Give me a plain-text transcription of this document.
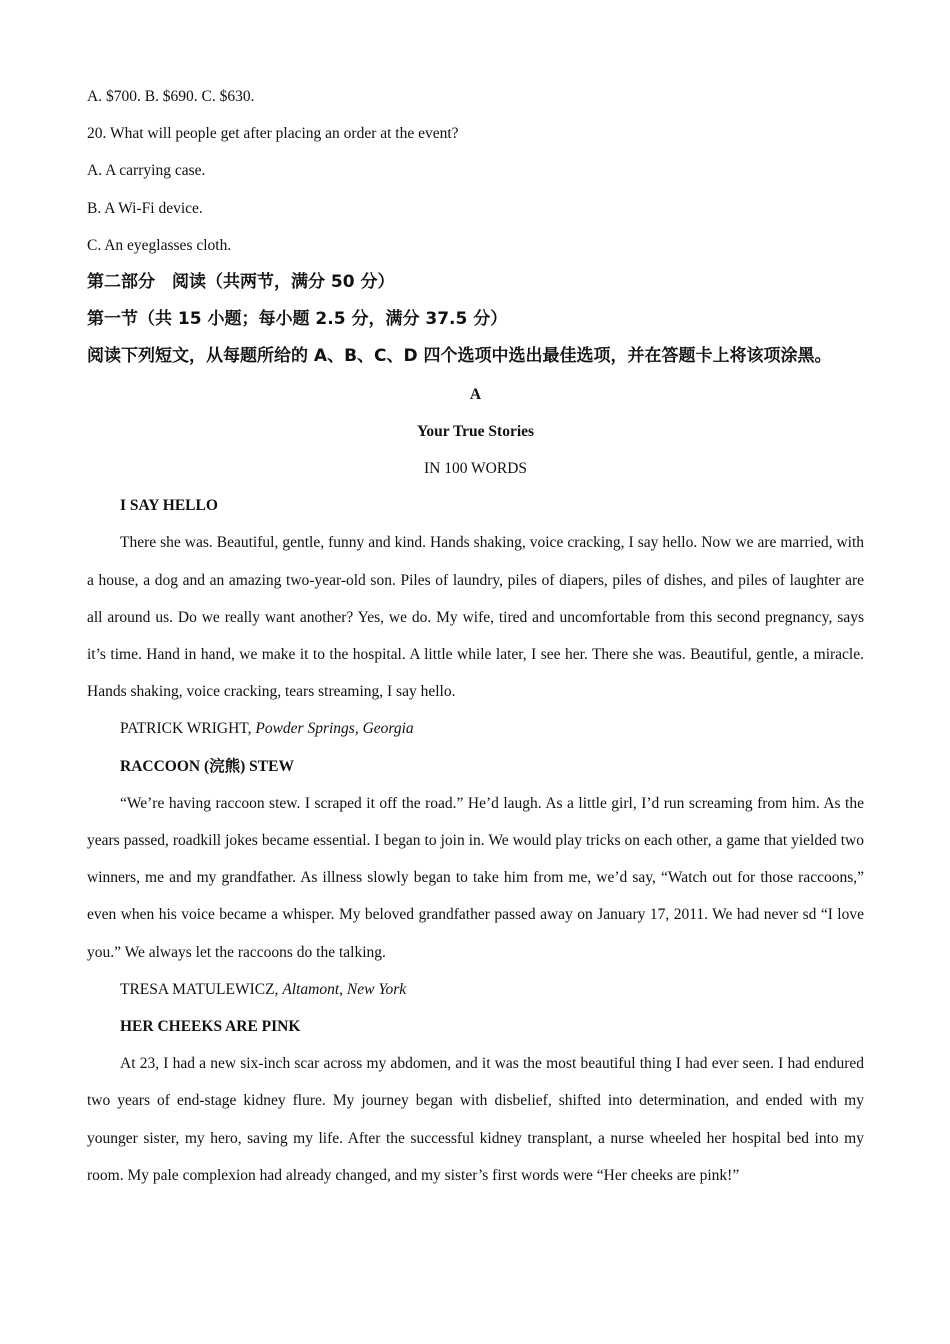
A. $700. B. $690. C. $630.

20. What will people get after placing an order at the event?

A. A carrying case.

B. A Wi-Fi device.

C. An eyeglasses cloth.

第二部分　阅读（共两节，满分 50 分）

第一节（共 15 小题；每小题 2.5 分，满分 37.5 分）

阅读下列短文，从每题所给的 A、B、C、D 四个选项中选出最佳选项，并在答题卡上将该项涂黑。

A

Your True Stories

IN 100 WORDS

I SAY HELLO

There she was. Beautiful, gentle, funny and kind. Hands shaking, voice cracking, I say hello. Now we are married, with a house, a dog and an amazing two-year-old son. Piles of laundry, piles of diapers, piles of dishes, and piles of laughter are all around us. Do we really want another? Yes, we do. My wife, tired and uncomfortable from this second pregnancy, says it’s time. Hand in hand, we make it to the hospital. A little while later, I see her. There she was. Beautiful, gentle, a miracle. Hands shaking, voice cracking, tears streaming, I say hello.

PATRICK WRIGHT, Powder Springs, Georgia

RACCOON (浣熊) STEW

“We’re having raccoon stew. I scraped it off the road.” He’d laugh. As a little girl, I’d run screaming from him. As the years passed, roadkill jokes became essential. I began to join in. We would play tricks on each other, a game that yielded two winners, me and my grandfather. As illness slowly began to take him from me, we’d say, “Watch out for those raccoons,” even when his voice became a whisper. My beloved grandfather passed away on January 17, 2011. We had never sd “I love you.” We always let the raccoons do the talking.

TRESA MATULEWICZ, Altamont, New York

HER CHEEKS ARE PINK

At 23, I had a new six-inch scar across my abdomen, and it was the most beautiful thing I had ever seen. I had endured two years of end-stage kidney flure. My journey began with disbelief, shifted into determination, and ended with my younger sister, my hero, saving my life. After the successful kidney transplant, a nurse wheeled her hospital bed into my room. My pale complexion had already changed, and my sister’s first words were “Her cheeks are pink!”
